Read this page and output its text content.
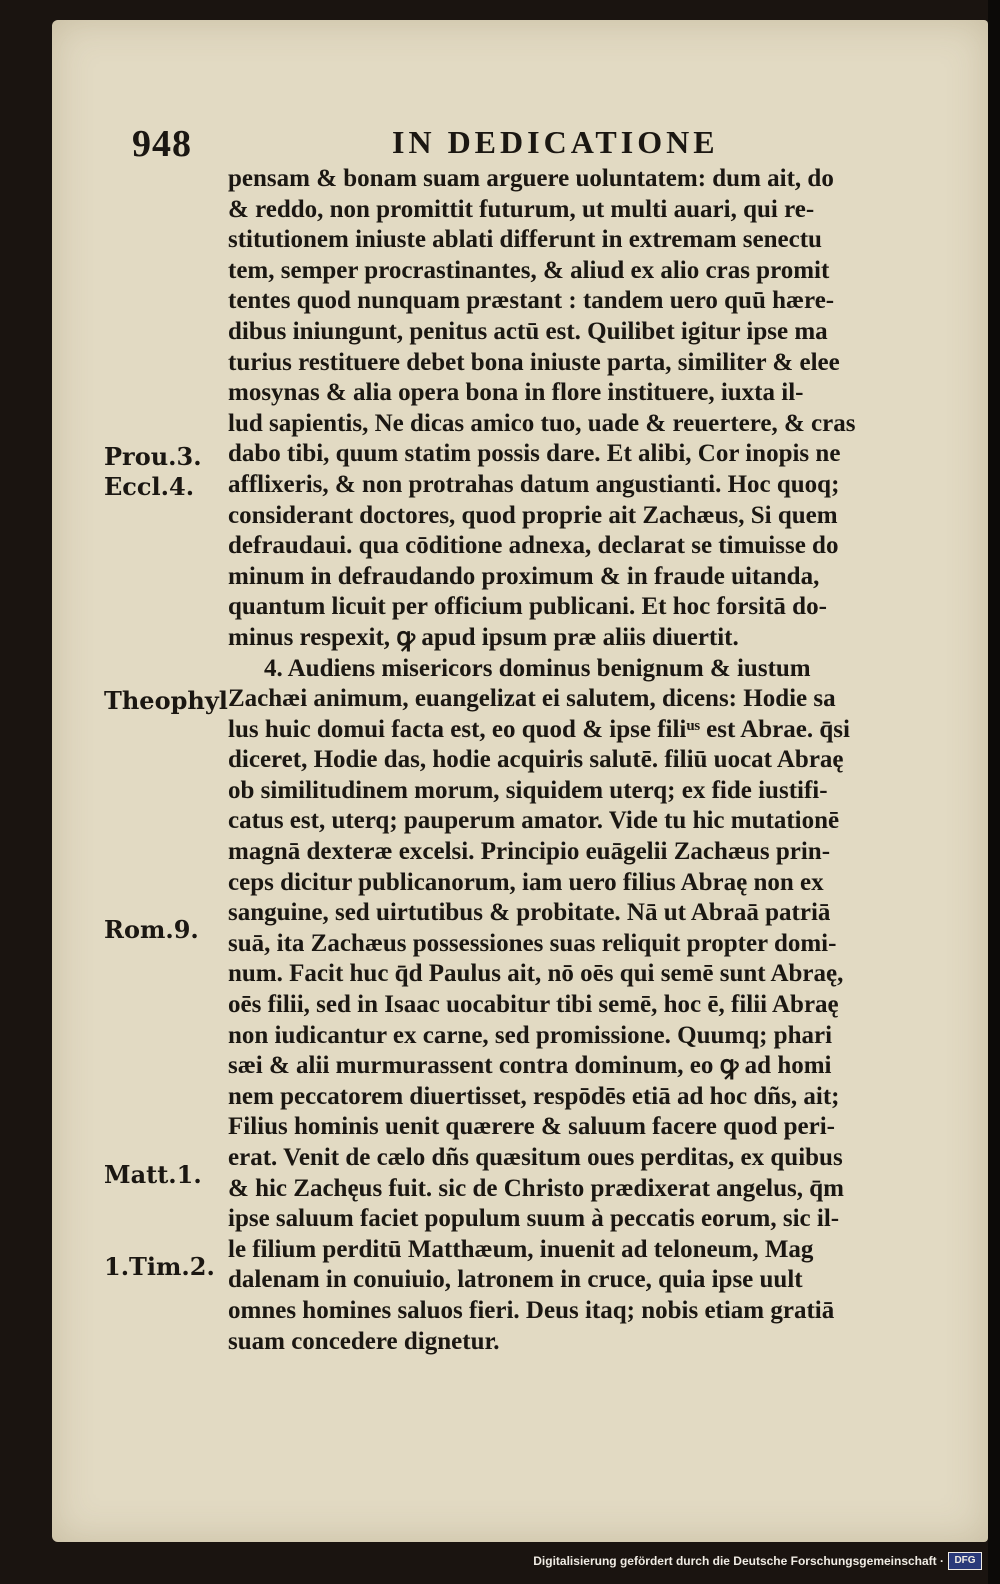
948	IN DEDICATIONE
Prou.3.
Eccl.4.
Theophyl
Rom.9.
Matt.1.
1.Tim.2.
pensam & bonam suam arguere uoluntatem: dum ait, do
& reddo, non promittit futurum, ut multi auari, qui re-
stitutionem iniuste ablati differunt in extremam senectu
tem, semper procrastinantes, & aliud ex alio cras promit
tentes quod nunquam præstant : tandem uero quū hære-
dibus iniungunt, penitus actū est. Quilibet igitur ipse ma
turius restituere debet bona iniuste parta, similiter & elee
mosynas & alia opera bona in flore instituere, iuxta il-
lud sapientis, Ne dicas amico tuo, uade & reuertere, & cras
dabo tibi, quum statim possis dare. Et alibi, Cor inopis ne
afflixeris, & non protrahas datum angustianti. Hoc quoq;
considerant doctores, quod proprie ait Zachæus, Si quem
defraudaui. qua cōditione adnexa, declarat se timuisse do
minum in defraudando proximum & in fraude uitanda,
quantum licuit per officium publicani. Et hoc forsitā do-
minus respexit, ꝙ apud ipsum præ aliis diuertit.
4. Audiens misericors dominus benignum & iustum
Zachæi animum, euangelizat ei salutem, dicens: Hodie sa
lus huic domui facta est, eo quod & ipse filiᵘˢ est Abrae. q̄si
diceret, Hodie das, hodie acquiris salutē. filiū uocat Abraę
ob similitudinem morum, siquidem uterq; ex fide iustifi-
catus est, uterq; pauperum amator. Vide tu hic mutationē
magnā dexteræ excelsi. Principio euāgelii Zachæus prin-
ceps dicitur publicanorum, iam uero filius Abraę non ex
sanguine, sed uirtutibus & probitate. Nā ut Abraā patriā
suā, ita Zachæus possessiones suas reliquit propter domi-
num. Facit huc q̄d Paulus ait, nō oēs qui semē sunt Abraę,
oēs filii, sed in Isaac uocabitur tibi semē, hoc ē, filii Abraę
non iudicantur ex carne, sed promissione. Quumq; phari
sæi & alii murmurassent contra dominum, eo ꝙ ad homi
nem peccatorem diuertisset, respōdēs etiā ad hoc dñs, ait;
Filius hominis uenit quærere & saluum facere quod peri-
erat. Venit de cælo dñs quæsitum oues perditas, ex quibus
& hic Zachęus fuit. sic de Christo prædixerat angelus, q̄m
ipse saluum faciet populum suum à peccatis eorum, sic il-
le filium perditū Matthæum, inuenit ad teloneum, Mag
dalenam in conuiuio, latronem in cruce, quia ipse uult
omnes homines saluos fieri. Deus itaq; nobis etiam gratiā
suam concedere dignetur.
Digitalisierung gefördert durch die Deutsche Forschungsgemeinschaft ·	DFG
